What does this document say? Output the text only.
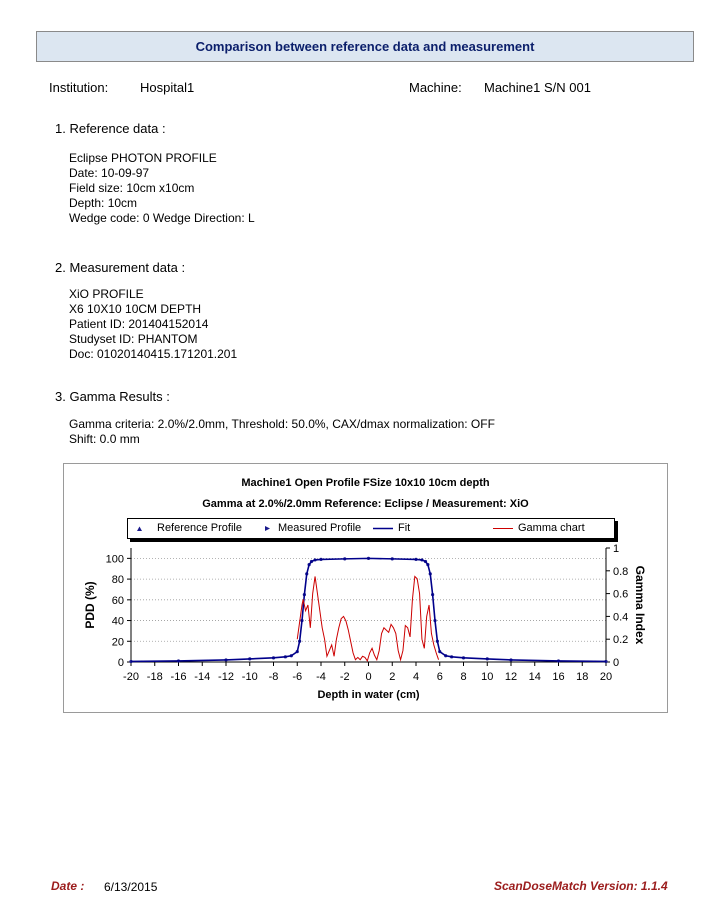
Comparison between reference data and measurement
Institution: Hospital1	Machine: Machine1 S/N 001
1. Reference data :
Eclipse PHOTON PROFILE
Date: 10-09-97
Field size: 10cm x10cm
Depth: 10cm
Wedge code: 0 Wedge Direction: L
2. Measurement data :
XiO PROFILE
X6 10X10 10CM DEPTH
Patient ID: 201404152014
Studyset ID: PHANTOM
Doc: 01020140415.171201.201
3. Gamma Results :
Gamma criteria: 2.0%/2.0mm, Threshold: 50.0%, CAX/dmax normalization: OFF
Shift: 0.0 mm
Machine1 Open Profile FSize 10x10 10cm depth
Gamma at 2.0%/2.0mm Reference: Eclipse / Measurement: XiO
Reference Profile	Measured Profile	Fit	Gamma chart
-20 -18 -16 -14 -12 -10 -8 -6 -4 -2 0 2 4 6 8 10 12 14 16 18 20
0
20
40
60
80
100
0
0.2
0.4
0.6
0.8
1
Depth in water (cm)
PDD (%)	Gamma Index
Date : 6/13/2015	ScanDoseMatch Version: 1.1.4
